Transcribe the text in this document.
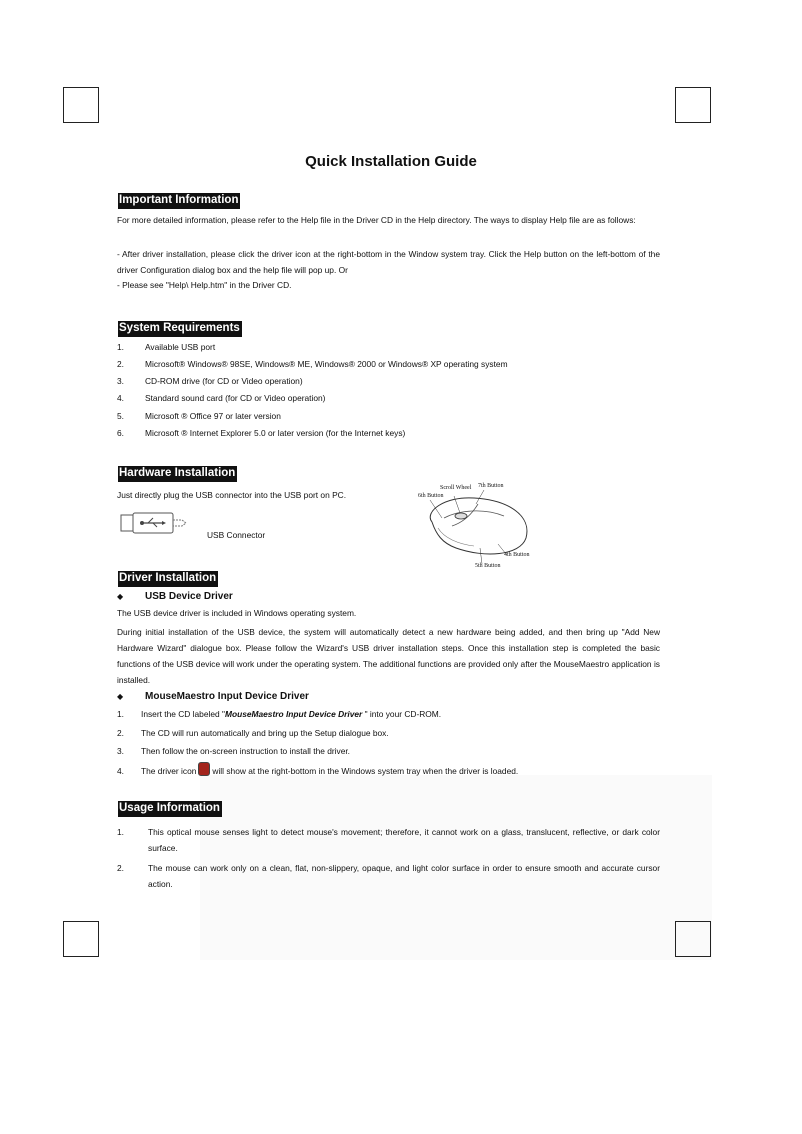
Quick Installation Guide
Important Information
For more detailed information, please refer to the Help file in the Driver CD in the Help directory. The ways to display Help file are as follows:
- After driver installation, please click the driver icon at the right-bottom in the Window system tray. Click the Help button on the left-bottom of the driver Configuration dialog box and the help file will pop up. Or
- Please see "Help\ Help.htm" in the Driver CD.
System Requirements
1.	Available USB port
2.	Microsoft® Windows® 98SE, Windows® ME, Windows® 2000 or Windows® XP operating system
3.	CD-ROM drive (for CD or Video operation)
4.	Standard sound card (for CD or Video operation)
5.	Microsoft ® Office 97 or later version
6.	Microsoft ® Internet Explorer 5.0 or later version (for the Internet keys)
Hardware Installation
Just directly plug the USB connector into the USB port on PC.
USB Connector
Scroll Wheel 7th Button
6th Button
4th Button
5th Button
Driver Installation
◆ USB Device Driver
The USB device driver is included in Windows operating system.
During initial installation of the USB device, the system will automatically detect a new hardware being added, and then bring up "Add New Hardware Wizard" dialogue box. Please follow the Wizard's USB driver installation steps. Once this installation step is completed the basic functions of the USB device will work under the operating system. The additional functions are provided only after the MouseMaestro application is installed.
◆ MouseMaestro Input Device Driver
1. Insert the CD labeled "MouseMaestro Input Device Driver " into your CD-ROM.
2. The CD will run automatically and bring up the Setup dialogue box.
3. Then follow the on-screen instruction to install the driver.
4. The driver icon will show at the right-bottom in the Windows system tray when the driver is loaded.
Usage Information
1.	This optical mouse senses light to detect mouse's movement; therefore, it cannot work on a glass, translucent, reflective, or dark color surface.
2.	The mouse can work only on a clean, flat, non-slippery, opaque, and light color surface in order to ensure smooth and accurate cursor action.
